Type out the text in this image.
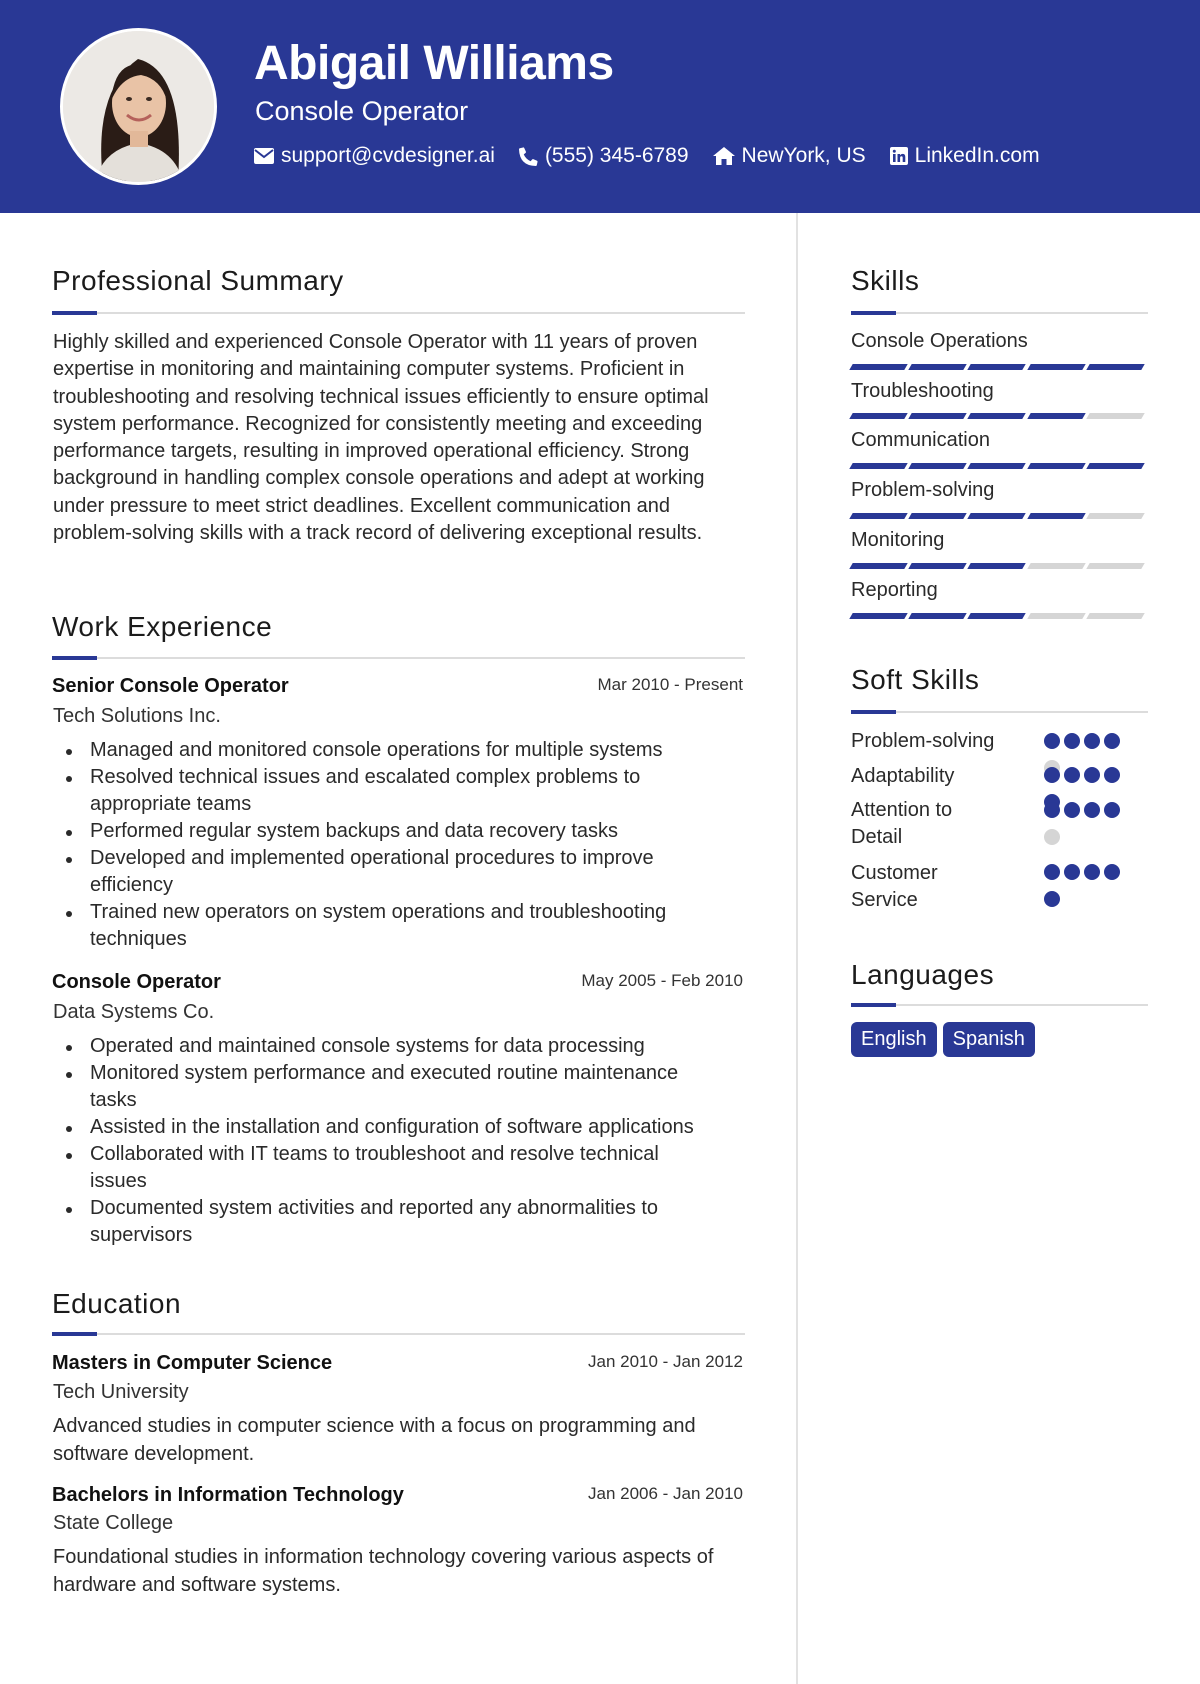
Abigail Williams
Console Operator
support@cvdesigner.ai (555) 345-6789	NewYork, US LinkedIn.com
Professional Summary
Highly skilled and experienced Console Operator with 11 years of proven expertise in monitoring and maintaining computer systems. Proficient in troubleshooting and resolving technical issues efficiently to ensure optimal system performance. Recognized for consistently meeting and exceeding performance targets, resulting in improved operational efficiency. Strong background in handling complex console operations and adept at working under pressure to meet strict deadlines. Excellent communication and problem-solving skills with a track record of delivering exceptional results.
Work Experience
Senior Console Operator	Mar 2010 - Present
Tech Solutions Inc.
Managed and monitored console operations for multiple systems
Resolved technical issues and escalated complex problems to appropriate teams
Performed regular system backups and data recovery tasks
Developed and implemented operational procedures to improve efficiency
Trained new operators on system operations and troubleshooting techniques
Console Operator	May 2005 - Feb 2010
Data Systems Co.
Operated and maintained console systems for data processing
Monitored system performance and executed routine maintenance tasks
Assisted in the installation and configuration of software applications
Collaborated with IT teams to troubleshoot and resolve technical issues
Documented system activities and reported any abnormalities to supervisors
Education
Masters in Computer Science	Jan 2010 - Jan 2012
Tech University
Advanced studies in computer science with a focus on programming and software development.
Bachelors in Information Technology	Jan 2006 - Jan 2010
State College
Foundational studies in information technology covering various aspects of hardware and software systems.
Skills
Console Operations
Troubleshooting
Communication
Problem-solving
Monitoring
Reporting
Soft Skills
Problem-solving
Adaptability
Attention to Detail
Customer Service
Languages
English	Spanish
